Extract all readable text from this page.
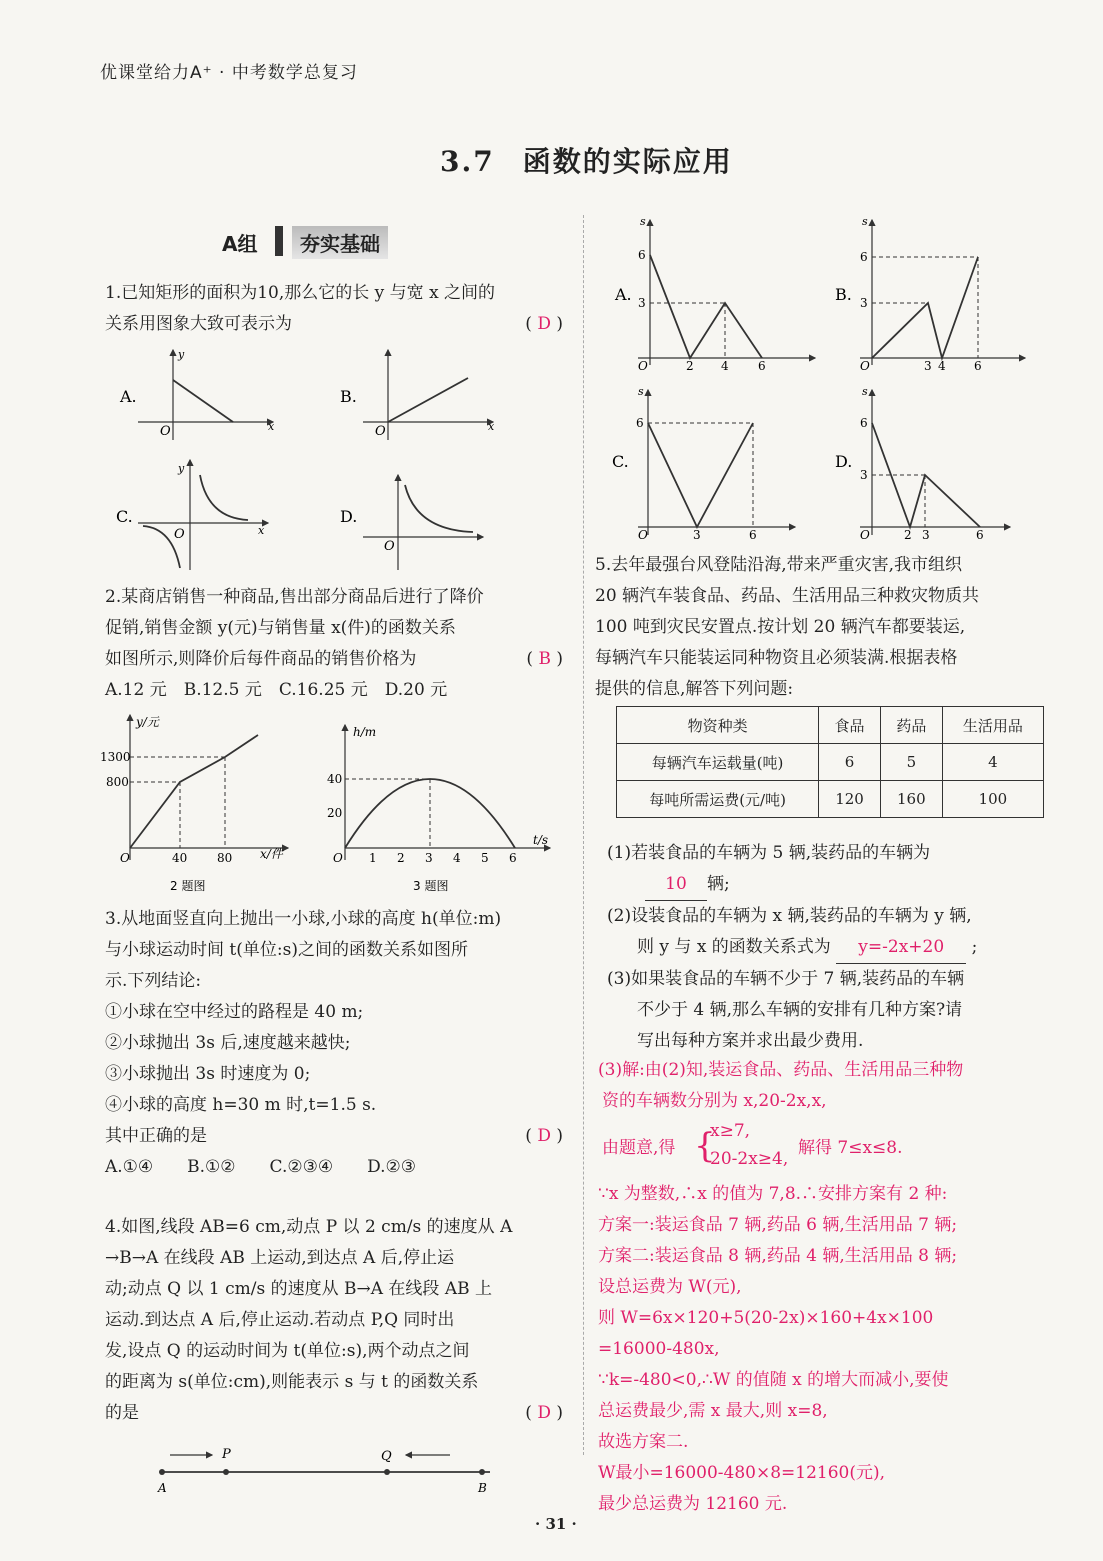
优课堂给力A⁺ · 中考数学总复习
3.7 函数的实际应用
A组	夯实基础
1.已知矩形的面积为10,那么它的长 y 与宽 x 之间的
关系用图象大致可表示为	( D )
A.
O	x
y
B.
O	x
C.
O	x
y
D.
O
2.某商店销售一种商品,售出部分商品后进行了降价
促销,销售金额 y(元)与销售量 x(件)的函数关系
如图所示,则降价后每件商品的销售价格为	( B )
A.12 元　B.12.5 元　C.16.25 元　D.20 元
y/元
x/件
1300
800
40 80
O
2 题图
h/m
t/s
40
20
1 2 3 4 5 6
O
3 题图
3.从地面竖直向上抛出一小球,小球的高度 h(单位:m)
与小球运动时间 t(单位:s)之间的函数关系如图所
示.下列结论:
①小球在空中经过的路程是 40 m;
②小球抛出 3s 后,速度越来越快;
③小球抛出 3s 时速度为 0;
④小球的高度 h=30 m 时,t=1.5 s.
其中正确的是	( D )
A.①④　　B.①②　　C.②③④　　D.②③
4.如图,线段 AB=6 cm,动点 P 以 2 cm/s 的速度从 A
→B→A 在线段 AB 上运动,到达点 A 后,停止运
动;动点 Q 以 1 cm/s 的速度从 B→A 在线段 AB 上
运动.到达点 A 后,停止运动.若动点 P,Q 同时出
发,设点 Q 的运动时间为 t(单位:s),两个动点之间
的距离为 s(单位:cm),则能表示 s 与 t 的函数关系
的是	( D )
A
P	Q
B
A.
s
6
3
2 4 6
O
B.
s
6
3
3 4 6
O
C.
s
6
3	6
O
D.
s
6
3
2 3	6
O
5.去年最强台风登陆沿海,带来严重灾害,我市组织
20 辆汽车装食品、药品、生活用品三种救灾物质共
100 吨到灾民安置点.按计划 20 辆汽车都要装运,
每辆汽车只能装运同种物资且必须装满.根据表格
提供的信息,解答下列问题:
物资种类	食品	药品	生活用品
每辆汽车运载量(吨)	6	5	4
每吨所需运费(元/吨)	120	160	100
(1)若装食品的车辆为 5 辆,装药品的车辆为
10 辆;
(2)设装食品的车辆为 x 辆,装药品的车辆为 y 辆,
则 y 与 x 的函数关系式为 y=-2x+20 ;
(3)如果装食品的车辆不少于 7 辆,装药品的车辆
不少于 4 辆,那么车辆的安排有几种方案?请
写出每种方案并求出最少费用.
(3)解:由(2)知,装运食品、药品、生活用品三种物
资的车辆数分别为 x,20-2x,x,
由题意,得 {
x≥7,
20-2x≥4,
解得 7≤x≤8.
∵x 为整数,∴x 的值为 7,8.∴安排方案有 2 种:
方案一:装运食品 7 辆,药品 6 辆,生活用品 7 辆;
方案二:装运食品 8 辆,药品 4 辆,生活用品 8 辆;
设总运费为 W(元),
则 W=6x×120+5(20-2x)×160+4x×100
=16000-480x,
∵k=-480<0,∴W 的值随 x 的增大而减小,要使
总运费最少,需 x 最大,则 x=8,
故选方案二.
W最小=16000-480×8=12160(元),
最少总运费为 12160 元.
· 31 ·
